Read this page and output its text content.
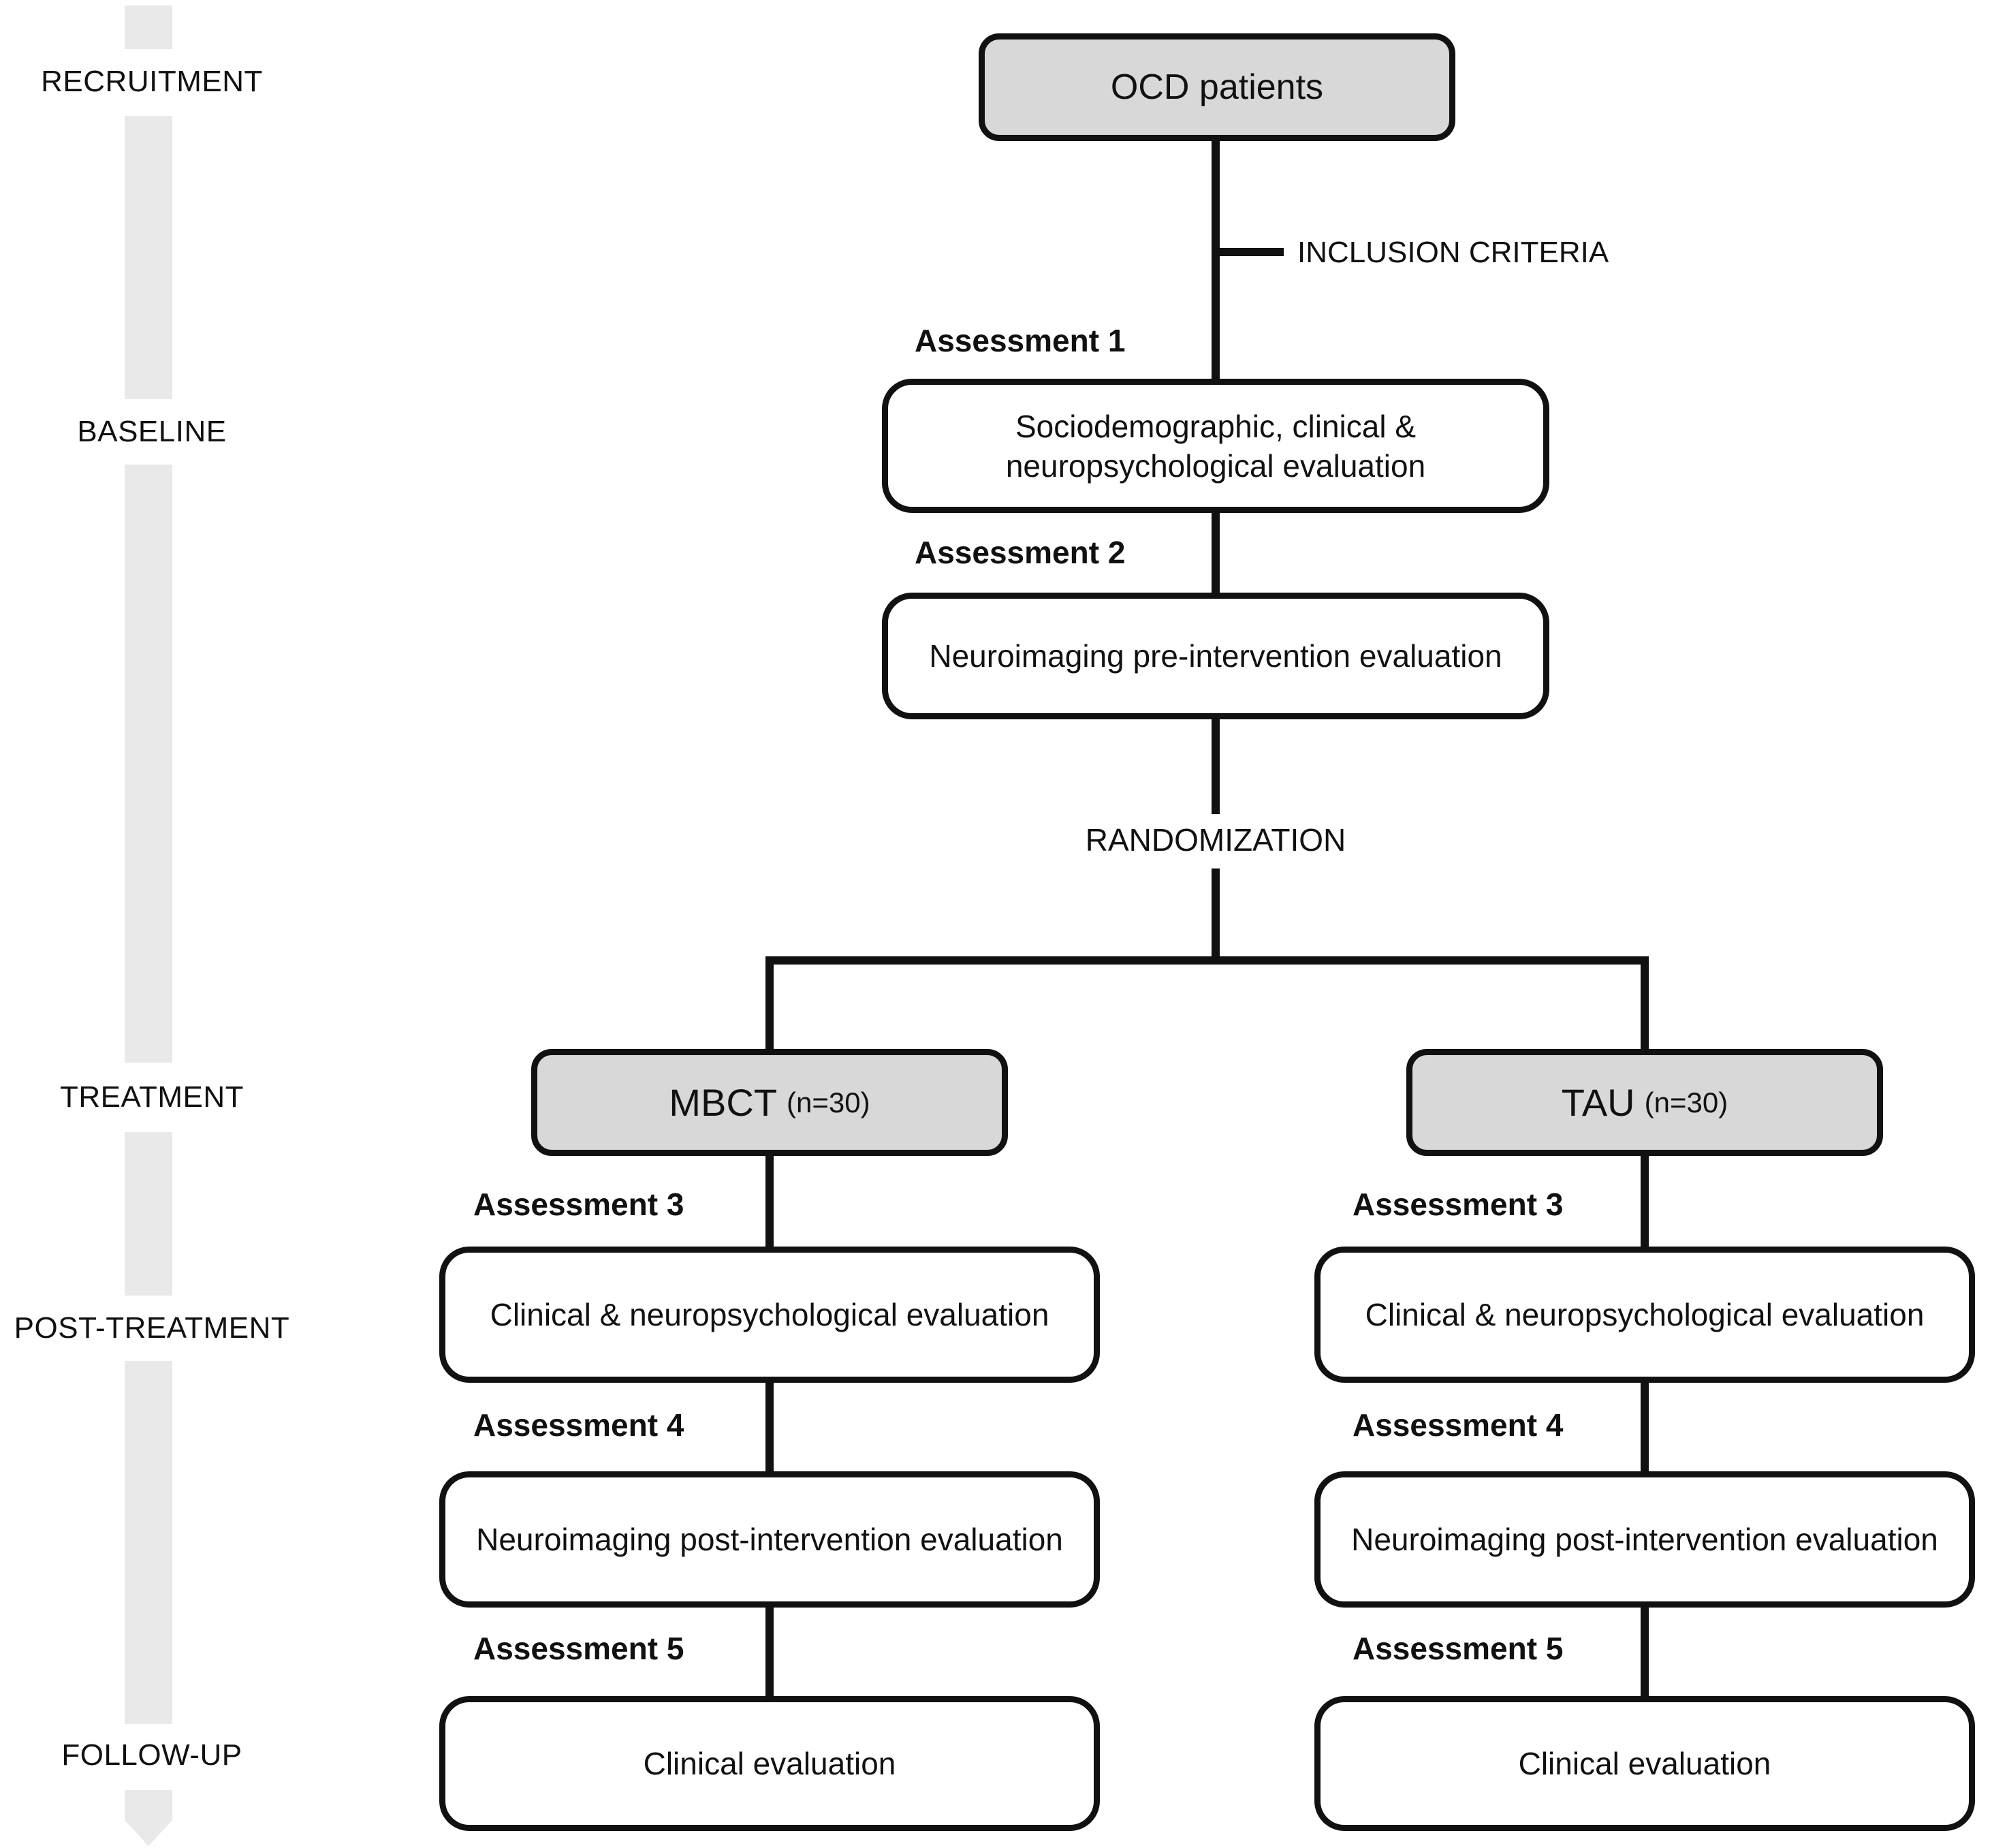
RECRUITMENT
BASELINE
TREATMENT
POST-TREATMENT
FOLLOW-UP
OCD patients
INCLUSION CRITERIA
Assessment 1
Sociodemographic, clinical & neuropsychological evaluation
Assessment 2
Neuroimaging pre-intervention evaluation
RANDOMIZATION
MBCT (n=30)	TAU (n=30)
Assessment 3	Assessment 3
Clinical & neuropsychological evaluation	Clinical & neuropsychological evaluation
Assessment 4	Assessment 4
Neuroimaging post-intervention evaluation	Neuroimaging post-intervention evaluation
Assessment 5	Assessment 5
Clinical evaluation	Clinical evaluation
